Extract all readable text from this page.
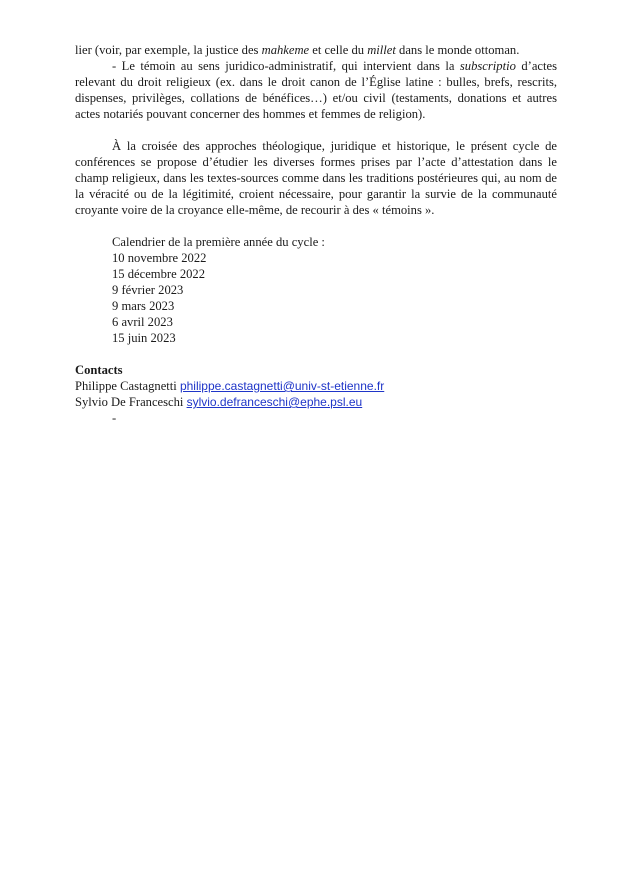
lier (voir, par exemple, la justice des mahkeme et celle du millet dans le monde ottoman.

- Le témoin au sens juridico-administratif, qui intervient dans la subscriptio d’actes relevant du droit religieux (ex. dans le droit canon de l’Église latine : bulles, brefs, rescrits, dispenses, privilèges, collations de bénéfices…) et/ou civil (testaments, donations et autres actes notariés pouvant concerner des hommes et femmes de religion).

À la croisée des approches théologique, juridique et historique, le présent cycle de conférences se propose d’étudier les diverses formes prises par l’acte d’attestation dans le champ religieux, dans les textes-sources comme dans les traditions postérieures qui, au nom de la véracité ou de la légitimité, croient nécessaire, pour garantir la survie de la communauté croyante voire de la croyance elle-même, de recourir à des « témoins ».

Calendrier de la première année du cycle :

10 novembre 2022
15 décembre 2022
9 février 2023
9 mars 2023
6 avril 2023
15 juin 2023

Contacts

Philippe Castagnetti philippe.castagnetti@univ-st-etienne.fr

Sylvio De Franceschi sylvio.defranceschi@ephe.psl.eu

-
